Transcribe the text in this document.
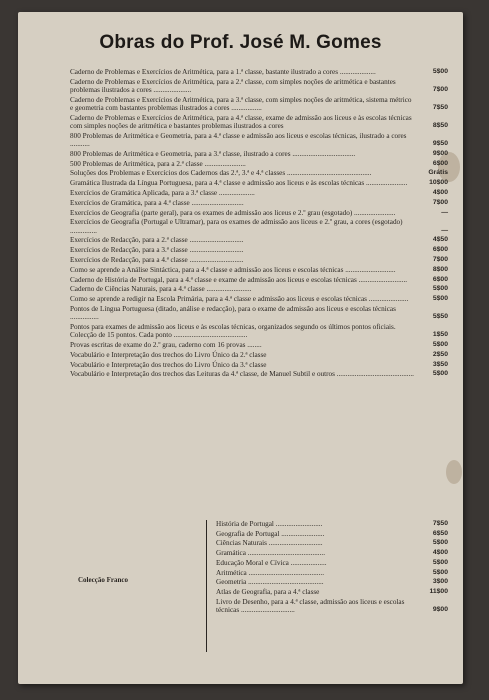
Obras do Prof. José M. Gomes
Caderno de Problemas e Exercícios de Aritmética, para a 1.ª classe, bastante ilustrado a cores ....................	5$00
Caderno de Problemas e Exercícios de Aritmética, para a 2.ª classe, com simples noções de aritmética e bastantes problemas ilustrados a cores .....................	7$00
Caderno de Problemas e Exercícios de Aritmética, para a 3.ª classe, com simples noções de aritmética, sistema métrico e geometria com bastantes problemas ilustrados a cores .................	7$50
Caderno de Problemas e Exercícios de Aritmética, para a 4.ª classe, exame de admissão aos liceus e às escolas técnicas com simples noções de aritmética e bastantes problemas ilustrados a cores	8$50
800 Problemas de Aritmética e Geometria, para a 4.ª classe e admissão aos liceus e escolas técnicas, ilustrado a cores ...........	9$50
800 Problemas de Aritmética e Geometria, para a 3.ª classe, ilustrado a cores ...................................	9$00
500 Problemas de Aritmética, para a 2.ª classe .......................	6$00
Soluções dos Problemas e Exercícios dos Cadernos das 2.ª, 3.ª e 4.ª classes ...............................................	Grátis
Gramática Ilustrada da Língua Portuguesa, para a 4.ª classe e admissão aos liceus e às escolas técnicas .......................	10$00
Exercícios de Gramática Aplicada, para a 3.ª classe ....................	4$00
Exercícios de Gramática, para a 4.ª classe .............................	7$00
Exercícios de Geografia (parte geral), para os exames de admissão aos liceus e 2.º grau (esgotado) .......................	—
Exercícios de Geografia (Portugal e Ultramar), para os exames de admissão aos liceus e 2.º grau, a cores (esgotado) ...............	—
Exercícios de Redacção, para a 2.ª classe ..............................	4$50
Exercícios de Redacção, para a 3.ª classe ..............................	6$00
Exercícios de Redacção, para a 4.ª classe ..............................	7$00
Como se aprende a Análise Sintáctica, para a 4.ª classe e admissão aos liceus e escolas técnicas ............................	8$00
Caderno de História de Portugal, para a 4.ª classe e exame de admissão aos liceus e escolas técnicas ...........................	6$00
Caderno de Ciências Naturais, para a 4.ª classe .........................	5$00
Como se aprende a redigir na Escola Primária, para a 4.ª classe e admissão aos liceus e escolas técnicas ......................	5$00
Pontos de Língua Portuguesa (ditado, análise e redacção), para o exame de admissão aos liceus e escolas técnicas ................	5$50
Pontos para exames de admissão aos liceus e às escolas técnicas, organizados segundo os últimos pontos oficiais. Colecção de 15 pontos. Cada ponto .........................................	1$50
Provas escritas de exame do 2.º grau, caderno com 16 provas ........	5$00
Vocabulário e Interpretação dos trechos do Livro Único da 2.ª classe	2$50
Vocabulário e Interpretação dos trechos do Livro Único da 3.ª classe	3$50
Vocabulário e Interpretação dos trechos das Leituras da 4.ª classe, de Manuel Subtil e outros ...........................................	5$00
Colecção Franco
História de Portugal ..........................	7$50
Geografia de Portugal ........................	6$50
Ciências Naturais ..............................	5$00
Gramática ...........................................	4$00
Educação Moral e Cívica ....................	5$00
Aritmética ..........................................	5$00
Geometria ..........................................	3$00
Atlas de Geografia, para a 4.ª classe	11$00
Livro de Desenho, para a 4.ª classe, admissão aos liceus e escolas técnicas ..............................	9$00
